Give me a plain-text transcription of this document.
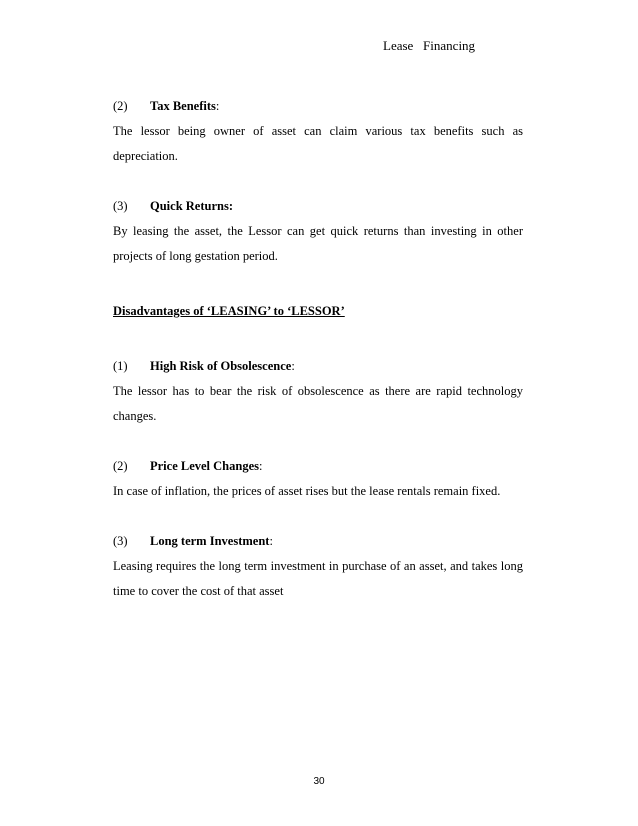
Lease   Financing

(2) Tax Benefits:

The lessor being owner of asset can claim various tax benefits such as depreciation.

(3) Quick Returns:

By leasing the asset, the Lessor can get quick returns than investing in other projects of long gestation period.

Disadvantages of ‘LEASING’ to ‘LESSOR’

(1) High Risk of Obsolescence:

The lessor has to bear the risk of obsolescence as there are rapid technology changes.

(2) Price Level Changes:

In case of inflation, the prices of asset rises but the lease rentals remain fixed.

(3) Long term Investment:

Leasing requires the long term investment in purchase of an asset, and takes long time to cover the cost of that asset

30
